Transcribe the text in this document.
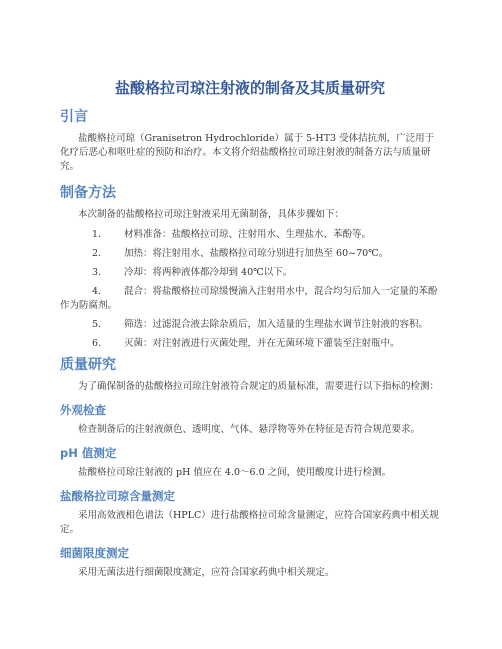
盐酸格拉司琼注射液的制备及其质量研究
引言

盐酸格拉司琼（Granisetron Hydrochloride）属于 5-HT3 受体拮抗剂，广泛用于化疗后恶心和呕吐症的预防和治疗。本文将介绍盐酸格拉司琼注射液的制备方法与质量研究。

制备方法

本次制备的盐酸格拉司琼注射液采用无菌制备，具体步骤如下：

1. 材料准备：盐酸格拉司琼、注射用水、生理盐水、苯酚等。
2. 加热：将注射用水、盐酸格拉司琼分别进行加热至 60~70℃。
3. 冷却：将两种液体都冷却到 40℃以下。
4. 混合：将盐酸格拉司琼缓慢滴入注射用水中，混合均匀后加入一定量的苯酚作为防腐剂。
5. 筛选：过滤混合液去除杂质后，加入适量的生理盐水调节注射液的容积。
6. 灭菌：对注射液进行灭菌处理，并在无菌环境下灌装至注射瓶中。
质量研究

为了确保制备的盐酸格拉司琼注射液符合规定的质量标准，需要进行以下指标的检测：

外观检查

检查制备后的注射液颜色、透明度、气体、悬浮物等外在特征是否符合规范要求。

pH 值测定

盐酸格拉司琼注射液的 pH 值应在 4.0～6.0 之间，使用酸度计进行检测。

盐酸格拉司琼含量测定

采用高效液相色谱法（HPLC）进行盐酸格拉司琼含量测定，应符合国家药典中相关规定。

细菌限度测定

采用无菌法进行细菌限度测定，应符合国家药典中相关规定。
